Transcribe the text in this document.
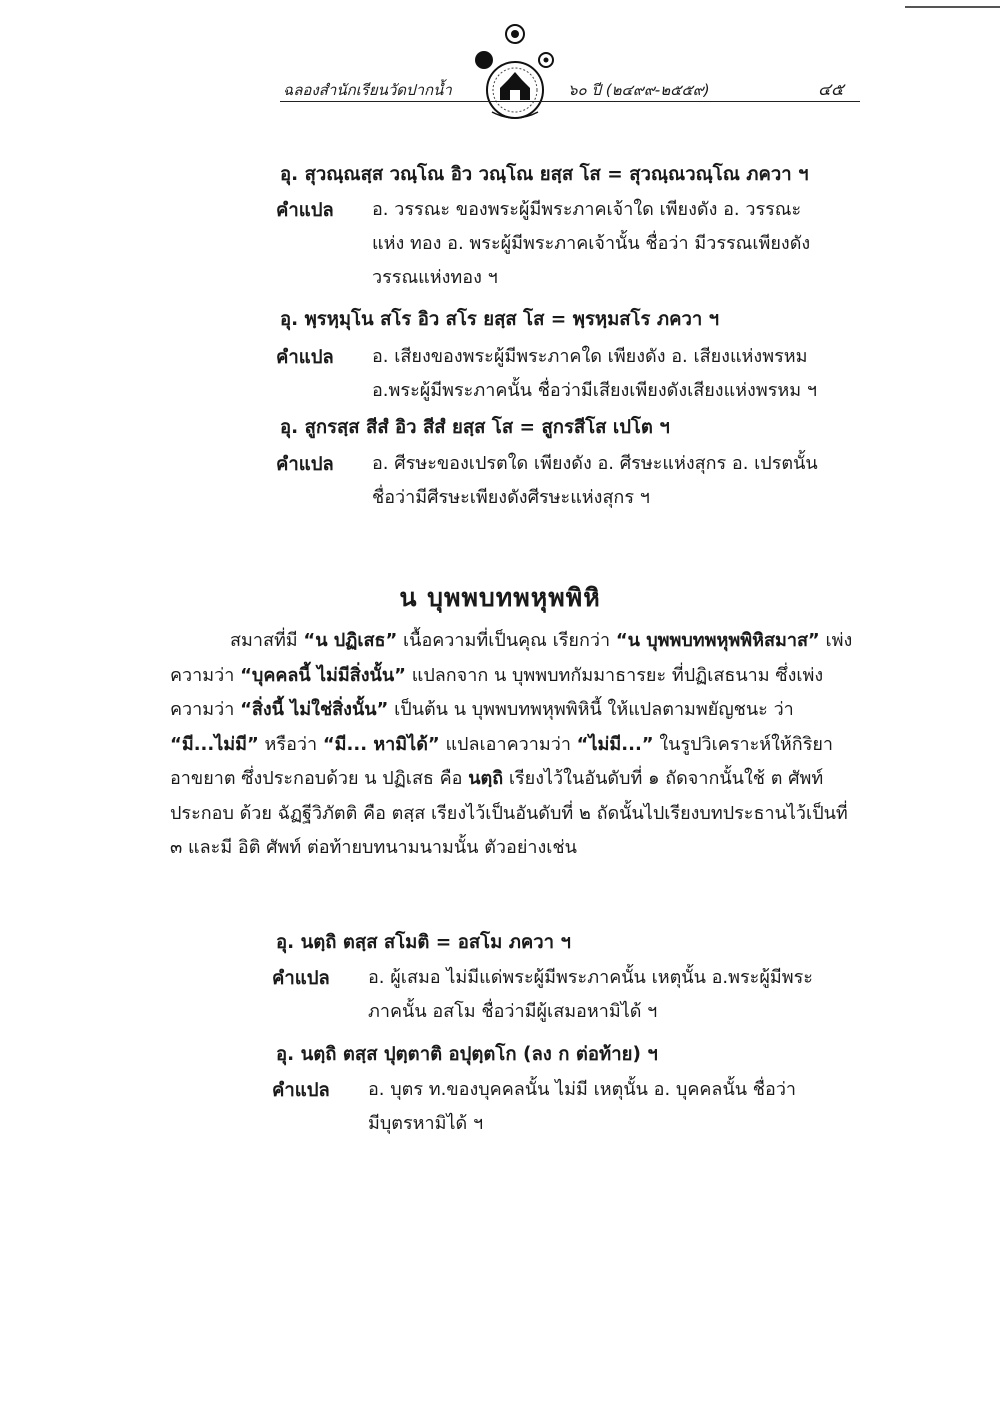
ฉลองสำนักเรียนวัดปากน้ำ	๖๐ ปี (๒๔๙๙-๒๕๕๙)	๔๕
อุ. สุวณฺณสฺส วณฺโณ อิว วณฺโณ ยสฺส โส = สุวณฺณวณฺโณ ภควา ฯ
คำแปล อ. วรรณะ ของพระผู้มีพระภาคเจ้าใด เพียงดัง อ. วรรณะ
แห่ง ทอง อ. พระผู้มีพระภาคเจ้านั้น ชื่อว่า มีวรรณเพียงดัง
วรรณแห่งทอง ฯ
อุ. พฺรหฺมุโน สโร อิว สโร ยสฺส โส = พฺรหฺมสโร ภควา ฯ
คำแปล อ. เสียงของพระผู้มีพระภาคใด เพียงดัง อ. เสียงแห่งพรหม
อ.พระผู้มีพระภาคนั้น ชื่อว่ามีเสียงเพียงดังเสียงแห่งพรหม ฯ
อุ. สูกรสฺส สีสํ อิว สีสํ ยสฺส โส = สูกรสีโส เปโต ฯ
คำแปล อ. ศีรษะของเปรตใด เพียงดัง อ. ศีรษะแห่งสุกร อ. เปรตนั้น
ชื่อว่ามีศีรษะเพียงดังศีรษะแห่งสุกร ฯ
น บุพพบทพหุพพิหิ
สมาสที่มี “น ปฏิเสธ” เนื้อความที่เป็นคุณ เรียกว่า “น บุพพบทพหุพพิหิสมาส” เพ่งความว่า “บุคคลนี้ ไม่มีสิ่งนั้น” แปลกจาก น บุพพบทกัมมาธารยะ ที่ปฏิเสธนาม ซึ่งเพ่งความว่า “สิ่งนี้ ไม่ใช่สิ่งนั้น” เป็นต้น น บุพพบทพหุพพิหินี้ ให้แปลตามพยัญชนะ ว่า “มี...ไม่มี” หรือว่า “มี... หามิได้” แปลเอาความว่า “ไม่มี...” ในรูปวิเคราะห์ให้กิริยาอาขยาต ซึ่งประกอบด้วย น ปฏิเสธ คือ นตฺถิ เรียงไว้ในอันดับที่ ๑ ถัดจากนั้นใช้ ต ศัพท์ประกอบ ด้วย ฉัฏฐีวิภัตติ คือ ตสฺส เรียงไว้เป็นอันดับที่ ๒ ถัดนั้นไปเรียงบทประธานไว้เป็นที่ ๓ และมี อิติ ศัพท์ ต่อท้ายบทนามนามนั้น ตัวอย่างเช่น
อุ. นตฺถิ ตสฺส สโมติ = อสโม ภควา ฯ
คำแปล อ. ผู้เสมอ ไม่มีแด่พระผู้มีพระภาคนั้น เหตุนั้น อ.พระผู้มีพระ
ภาคนั้น อสโม ชื่อว่ามีผู้เสมอหามิได้ ฯ
อุ. นตฺถิ ตสฺส ปุตฺตาติ อปุตฺตโก (ลง ก ต่อท้าย) ฯ
คำแปล อ. บุตร ท.ของบุคคลนั้น ไม่มี เหตุนั้น อ. บุคคลนั้น ชื่อว่า
มีบุตรหามิได้ ฯ
